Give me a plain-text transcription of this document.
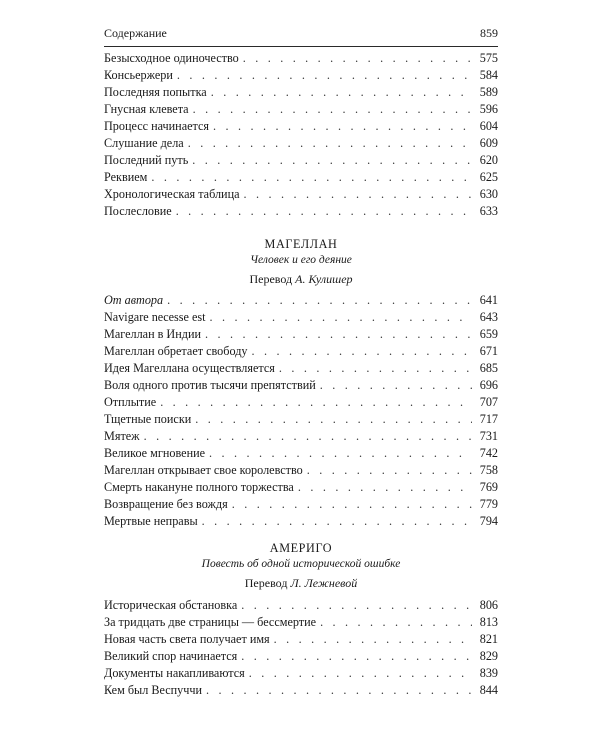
Содержание	859
Безысходное одиночество . . .	575
Консьержери . . .	584
Последняя попытка . . .	589
Гнусная клевета . . .	596
Процесс начинается . . .	604
Слушание дела . . .	609
Последний путь . . .	620
Реквием . . .	625
Хронологическая таблица . . .	630
Послесловие . . .	633
МАГЕЛЛАН
Человек и его деяние
Перевод А. Кулишер
От автора . . .	641
Navigare necesse est . . .	643
Магеллан в Индии . . .	659
Магеллан обретает свободу . . .	671
Идея Магеллана осуществляется . . .	685
Воля одного против тысячи препятствий . . .	696
Отплытие . . .	707
Тщетные поиски . . .	717
Мятеж . . .	731
Великое мгновение . . .	742
Магеллан открывает свое королевство . . .	758
Смерть накануне полного торжества . . .	769
Возвращение без вождя . . .	779
Мертвые неправы . . .	794
АМЕРИГО
Повесть об одной исторической ошибке
Перевод Л. Лежневой
Историческая обстановка . . .	806
За тридцать две страницы — бессмертие . . .	813
Новая часть света получает имя . . .	821
Великий спор начинается . . .	829
Документы накапливаются . . .	839
Кем был Веспуччи . . .	844
